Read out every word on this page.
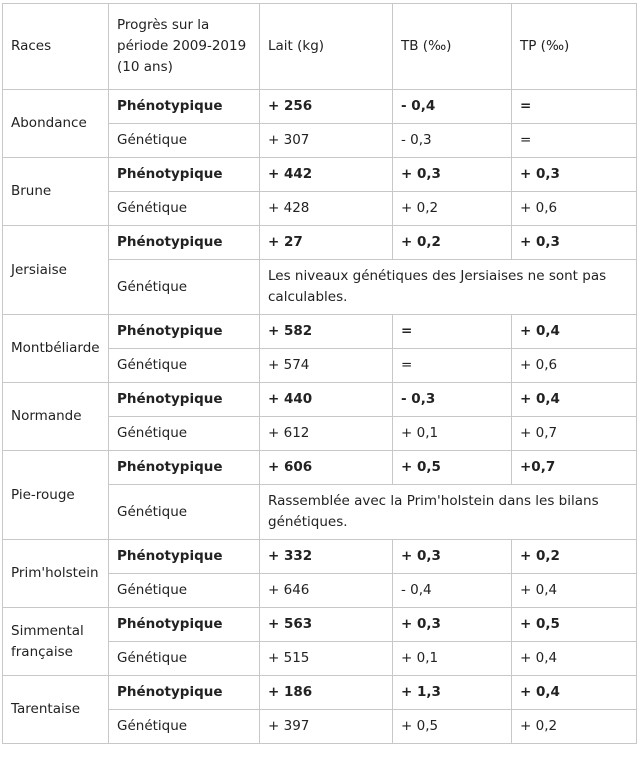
Races	Progrès sur la période 2009-2019 (10 ans)	Lait (kg)	TB (‰)	TP (‰)
Abondance	Phénotypique	+ 256	- 0,4	=
	Génétique	+ 307	- 0,3	=
Brune	Phénotypique	+ 442	+ 0,3	+ 0,3
	Génétique	+ 428	+ 0,2	+ 0,6
Jersiaise	Phénotypique	+ 27	+ 0,2	+ 0,3
	Génétique	Les niveaux génétiques des Jersiaises ne sont pas calculables.		
Montbéliarde	Phénotypique	+ 582	=	+ 0,4
	Génétique	+ 574	=	+ 0,6
Normande	Phénotypique	+ 440	- 0,3	+ 0,4
	Génétique	+ 612	+ 0,1	+ 0,7
Pie-rouge	Phénotypique	+ 606	+ 0,5	+0,7
	Génétique	Rassemblée avec la Prim'holstein dans les bilans génétiques.		
Prim'holstein	Phénotypique	+ 332	+ 0,3	+ 0,2
	Génétique	+ 646	- 0,4	+ 0,4
Simmental française	Phénotypique	+ 563	+ 0,3	+ 0,5
	Génétique	+ 515	+ 0,1	+ 0,4
Tarentaise	Phénotypique	+ 186	+ 1,3	+ 0,4
	Génétique	+ 397	+ 0,5	+ 0,2
